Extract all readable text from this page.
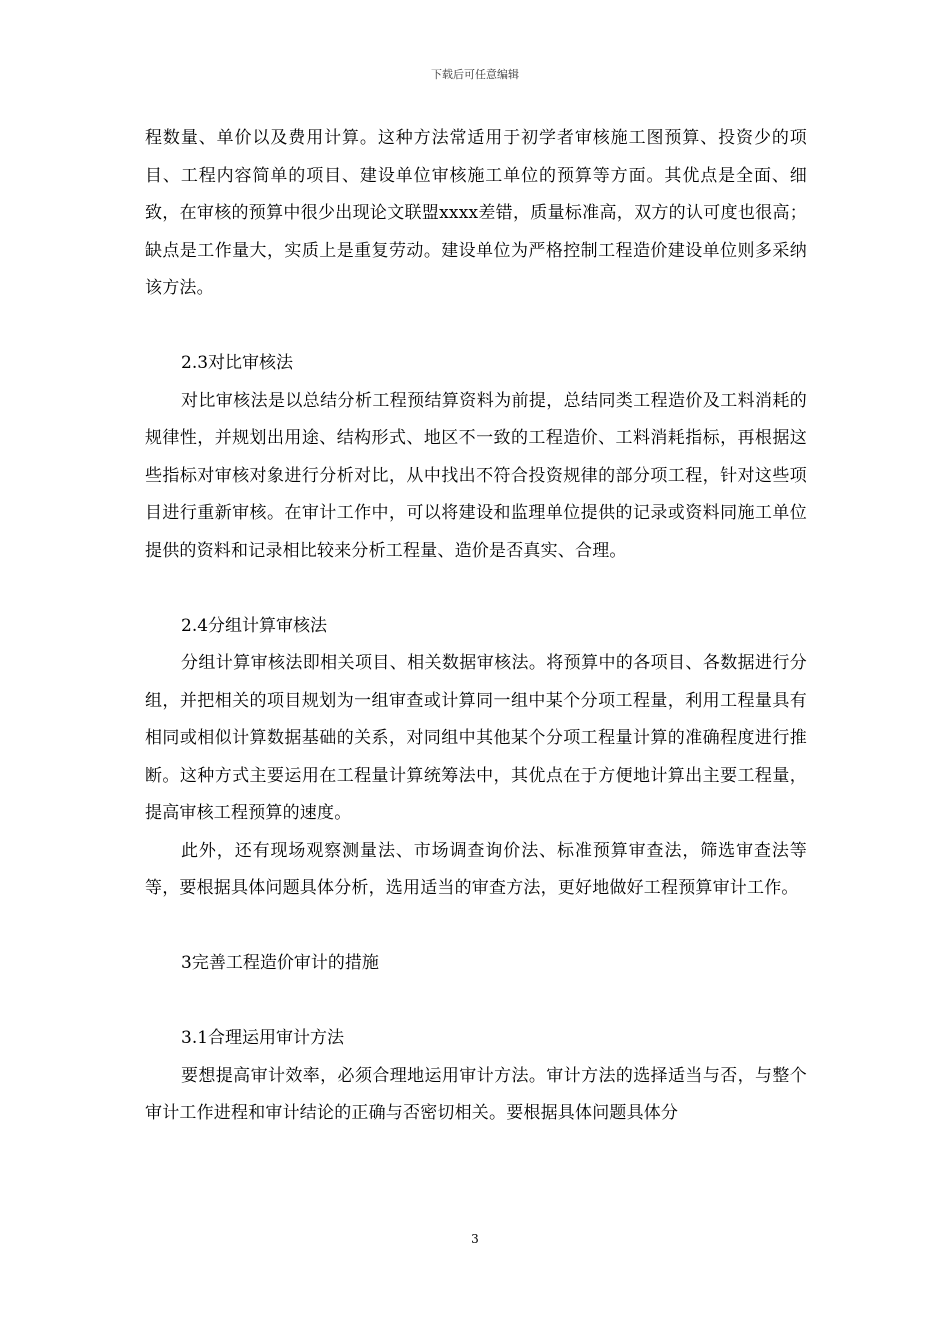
下载后可任意编辑

程数量、单价以及费用计算。这种方法常适用于初学者审核施工图预算、投资少的项目、工程内容简单的项目、建设单位审核施工单位的预算等方面。其优点是全面、细致，在审核的预算中很少出现论文联盟xxxx差错，质量标准高，双方的认可度也很高；缺点是工作量大，实质上是重复劳动。建设单位为严格控制工程造价建设单位则多采纳该方法。

2.3对比审核法

对比审核法是以总结分析工程预结算资料为前提，总结同类工程造价及工料消耗的规律性，并规划出用途、结构形式、地区不一致的工程造价、工料消耗指标，再根据这些指标对审核对象进行分析对比，从中找出不符合投资规律的部分项工程，针对这些项目进行重新审核。在审计工作中，可以将建设和监理单位提供的记录或资料同施工单位提供的资料和记录相比较来分析工程量、造价是否真实、合理。

2.4分组计算审核法

分组计算审核法即相关项目、相关数据审核法。将预算中的各项目、各数据进行分组，并把相关的项目规划为一组审查或计算同一组中某个分项工程量，利用工程量具有相同或相似计算数据基础的关系，对同组中其他某个分项工程量计算的准确程度进行推断。这种方式主要运用在工程量计算统筹法中，其优点在于方便地计算出主要工程量，提高审核工程预算的速度。

此外，还有现场观察测量法、市场调查询价法、标准预算审查法，筛选审查法等等，要根据具体问题具体分析，选用适当的审查方法，更好地做好工程预算审计工作。

3完善工程造价审计的措施

3.1合理运用审计方法

要想提高审计效率，必须合理地运用审计方法。审计方法的选择适当与否，与整个审计工作进程和审计结论的正确与否密切相关。要根据具体问题具体分

3
